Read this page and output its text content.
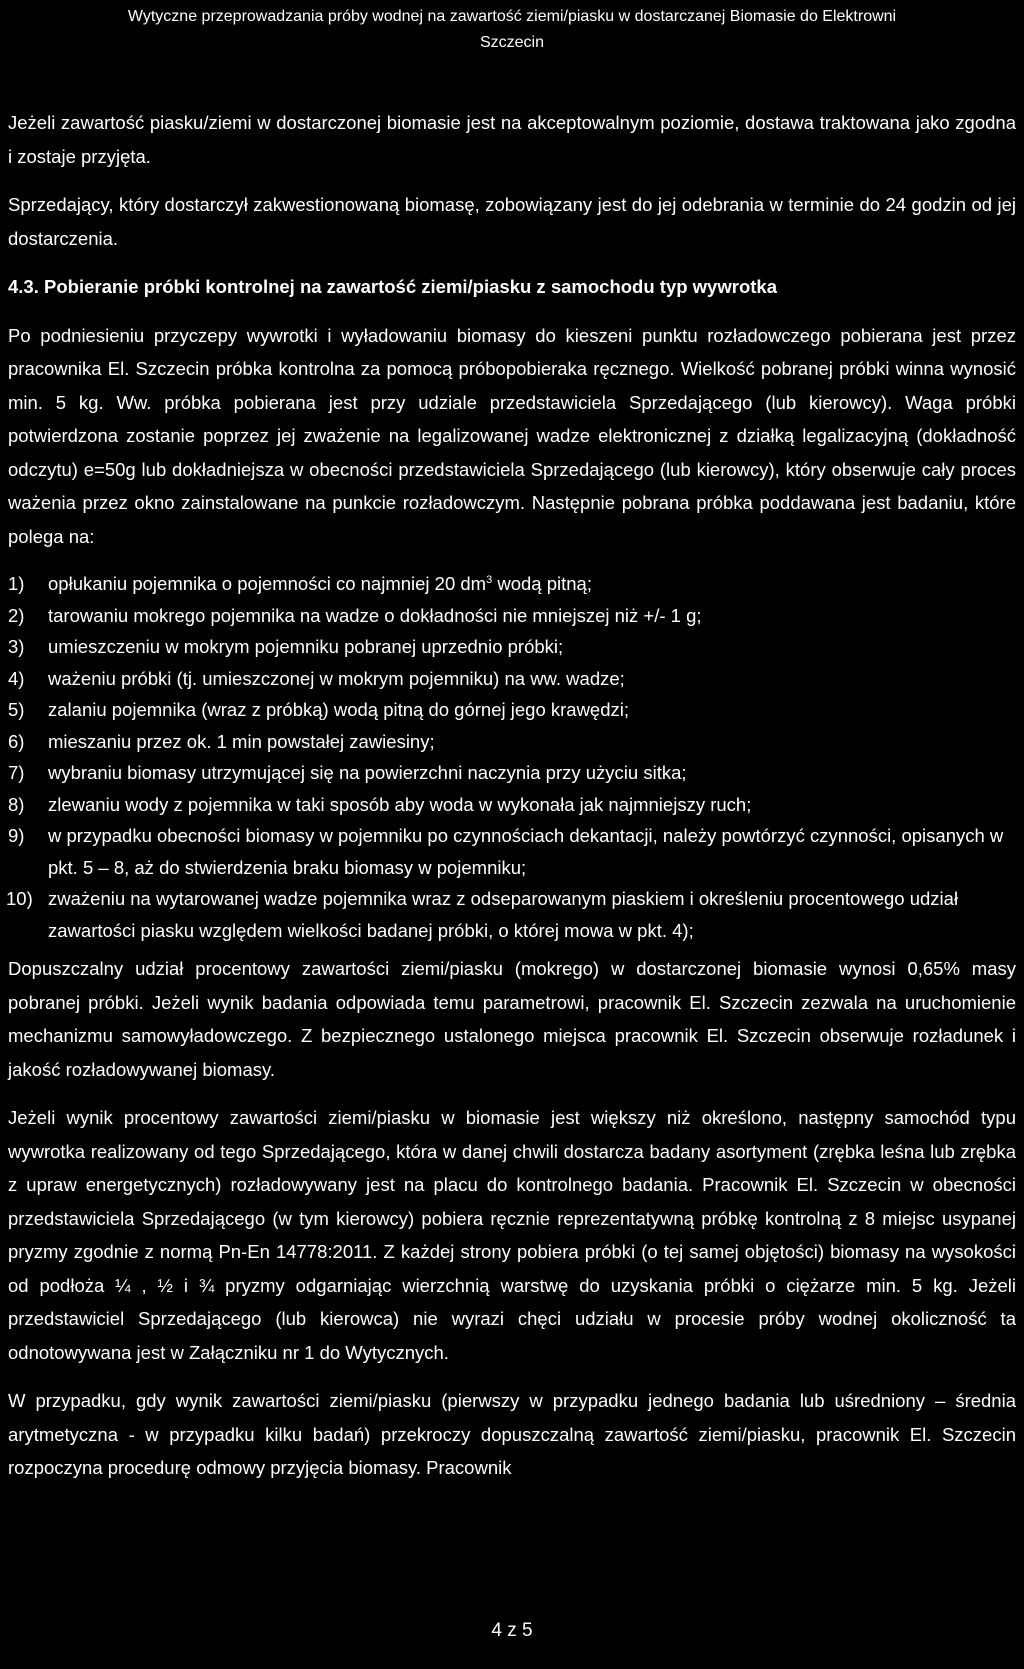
Wytyczne przeprowadzania próby wodnej na zawartość ziemi/piasku w dostarczanej Biomasie do Elektrowni
Szczecin

Jeżeli zawartość piasku/ziemi w dostarczonej biomasie jest na akceptowalnym poziomie, dostawa traktowana jako zgodna i zostaje przyjęta.

Sprzedający, który dostarczył zakwestionowaną biomasę, zobowiązany jest do jej odebrania w terminie do 24 godzin od jej dostarczenia.

4.3. Pobieranie próbki kontrolnej na zawartość ziemi/piasku z samochodu typ wywrotka

Po podniesieniu przyczepy wywrotki i wyładowaniu biomasy do kieszeni punktu rozładowczego pobierana jest przez pracownika El. Szczecin próbka kontrolna za pomocą próbopobieraka ręcznego. Wielkość pobranej próbki winna wynosić min. 5 kg. Ww. próbka pobierana jest przy udziale przedstawiciela Sprzedającego (lub kierowcy). Waga próbki potwierdzona zostanie poprzez jej zważenie na legalizowanej wadze elektronicznej z działką legalizacyjną (dokładność odczytu) e=50g lub dokładniejsza w obecności przedstawiciela Sprzedającego (lub kierowcy), który obserwuje cały proces ważenia przez okno zainstalowane na punkcie rozładowczym. Następnie pobrana próbka poddawana jest badaniu, które polega na:

1) opłukaniu pojemnika o pojemności co najmniej 20 $dm^3$ wodą pitną;
2) tarowaniu mokrego pojemnika na wadze o dokładności nie mniejszej niż +/- 1 g;
3) umieszczeniu w mokrym pojemniku pobranej uprzednio próbki;
4) ważeniu próbki (tj. umieszczonej w mokrym pojemniku) na ww. wadze;
5) zalaniu pojemnika (wraz z próbką) wodą pitną do górnej jego krawędzi;
6) mieszaniu przez ok. 1 min powstałej zawiesiny;
7) wybraniu biomasy utrzymującej się na powierzchni naczynia przy użyciu sitka;
8) zlewaniu wody z pojemnika w taki sposób aby woda w wykonała jak najmniejszy ruch;
9) w przypadku obecności biomasy w pojemniku po czynnościach dekantacji, należy powtórzyć czynności, opisanych w pkt. 5 – 8, aż do stwierdzenia braku biomasy w pojemniku;
10) zważeniu na wytarowanej wadze pojemnika wraz z odseparowanym piaskiem i określeniu procentowego udział zawartości piasku względem wielkości badanej próbki, o której mowa w pkt. 4);

Dopuszczalny udział procentowy zawartości ziemi/piasku (mokrego) w dostarczonej biomasie wynosi 0,65% masy pobranej próbki. Jeżeli wynik badania odpowiada temu parametrowi, pracownik El. Szczecin zezwala na uruchomienie mechanizmu samowyładowczego. Z bezpiecznego ustalonego miejsca pracownik El. Szczecin obserwuje rozładunek i jakość rozładowywanej biomasy.

Jeżeli wynik procentowy zawartości ziemi/piasku w biomasie jest większy niż określono, następny samochód typu wywrotka realizowany od tego Sprzedającego, która w danej chwili dostarcza badany asortyment (zrębka leśna lub zrębka z upraw energetycznych) rozładowywany jest na placu do kontrolnego badania. Pracownik El. Szczecin w obecności przedstawiciela Sprzedającego (w tym kierowcy) pobiera ręcznie reprezentatywną próbkę kontrolną z 8 miejsc usypanej pryzmy zgodnie z normą Pn-En 14778:2011. Z każdej strony pobiera próbki (o tej samej objętości) biomasy na wysokości od podłoża ¼ , ½ i ¾ pryzmy odgarniając wierzchnią warstwę do uzyskania próbki o ciężarze min. 5 kg. Jeżeli przedstawiciel Sprzedającego (lub kierowca) nie wyrazi chęci udziału w procesie próby wodnej okoliczność ta odnotowywana jest w Załączniku nr 1 do Wytycznych.

W przypadku, gdy wynik zawartości ziemi/piasku (pierwszy w przypadku jednego badania lub uśredniony – średnia arytmetyczna - w przypadku kilku badań) przekroczy dopuszczalną zawartość ziemi/piasku, pracownik El. Szczecin rozpoczyna procedurę odmowy przyjęcia biomasy. Pracownik

4 z 5
